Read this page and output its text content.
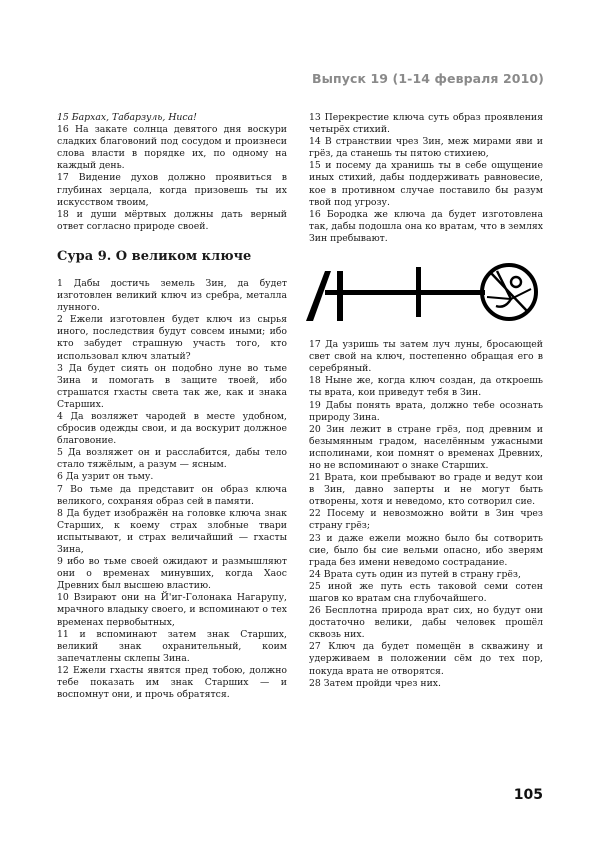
Выпуск 19 (1-14 февраля 2010)

15 Бархах, Табарзуль, Ниса!

16 На закате солнца девятого дня воскури сладких благовоний под сосудом и произнеси слова власти в порядке их, по одному на каждый день.

17 Видение духов должно проявиться в глубинах зерцала, когда призовешь ты их искусством твоим,

18 и души мёртвых должны дать верный ответ согласно природе своей.

Сура 9. О великом ключе

1 Дабы достичь земель Зин, да будет изготовлен великий ключ из сребра, металла лунного.

2 Ежели изготовлен будет ключ из сырья иного, последствия будут совсем иными; ибо кто забудет страшную участь того, кто использовал ключ златый?

3 Да будет сиять он подобно луне во тьме Зина и помогать в защите твоей, ибо страшатся гхасты света так же, как и знака Старших.

4 Да возляжет чародей в месте удобном, сбросив одежды свои, и да воскурит должное благовоние.

5 Да возляжет он и расслабится, дабы тело стало тяжёлым, а разум — ясным.

6 Да узрит он тьму.

7 Во тьме да представит он образ ключа великого, сохраняя образ сей в памяти.

8 Да будет изображён на головке ключа знак Старших, к коему страх злобные твари испытывают, и страх величайший — гхасты Зина,

9 ибо во тьме своей ожидают и размышляют они о временах минувших, когда Хаос Древних был высшею властию.

10 Взирают они на Й'иг-Голонака Нагарупу, мрачного владыку своего, и вспоминают о тех временах первобытных,

11 и вспоминают затем знак Старших, великий знак охранительный, коим запечатлены склепы Зина.

12 Ежели гхасты явятся пред тобою, должно тебе показать им знак Старших — и воспомнут они, и прочь обратятся.

13 Перекрестие ключа суть образ проявления четырёх стихий.

14 В странствии чрез Зин, меж мирами яви и грёз, да станешь ты пятою стихиею,

15 и посему да хранишь ты в себе ощущение иных стихий, дабы поддерживать равновесие, кое в противном случае поставило бы разум твой под угрозу.

16 Бородка же ключа да будет изготовлена так, дабы подошла она ко вратам, что в землях Зин пребывают.

17 Да узришь ты затем луч луны, бросающей свет свой на ключ, постепенно обращая его в серебряный.

18 Ныне же, когда ключ создан, да откроешь ты врата, кои приведут тебя в Зин.

19 Дабы понять врата, должно тебе осознать природу Зина.

20 Зин лежит в стране грёз, под древним и безымянным градом, населённым ужасными исполинами, кои помнят о временах Древних, но не вспоминают о знаке Старших.

21 Врата, кои пребывают во граде и ведут кои в Зин, давно заперты и не могут быть отворены, хотя и неведомо, кто сотворил сие.

22 Посему и невозможно войти в Зин чрез страну грёз;

23 и даже ежели можно было бы сотворить сие, было бы сие вельми опасно, ибо зверям града без имени неведомо сострадание.

24 Врата суть один из путей в страну грёз,

25 иной же путь есть таковой семи сотен шагов ко вратам сна глубочайшего.

26 Бесплотна природа врат сих, но будут они достаточно велики, дабы человек прошёл сквозь них.

27 Ключ да будет помещён в скважину и удерживаем в положении сём до тех пор, покуда врата не отворятся.

28 Затем пройди чрез них.

105
